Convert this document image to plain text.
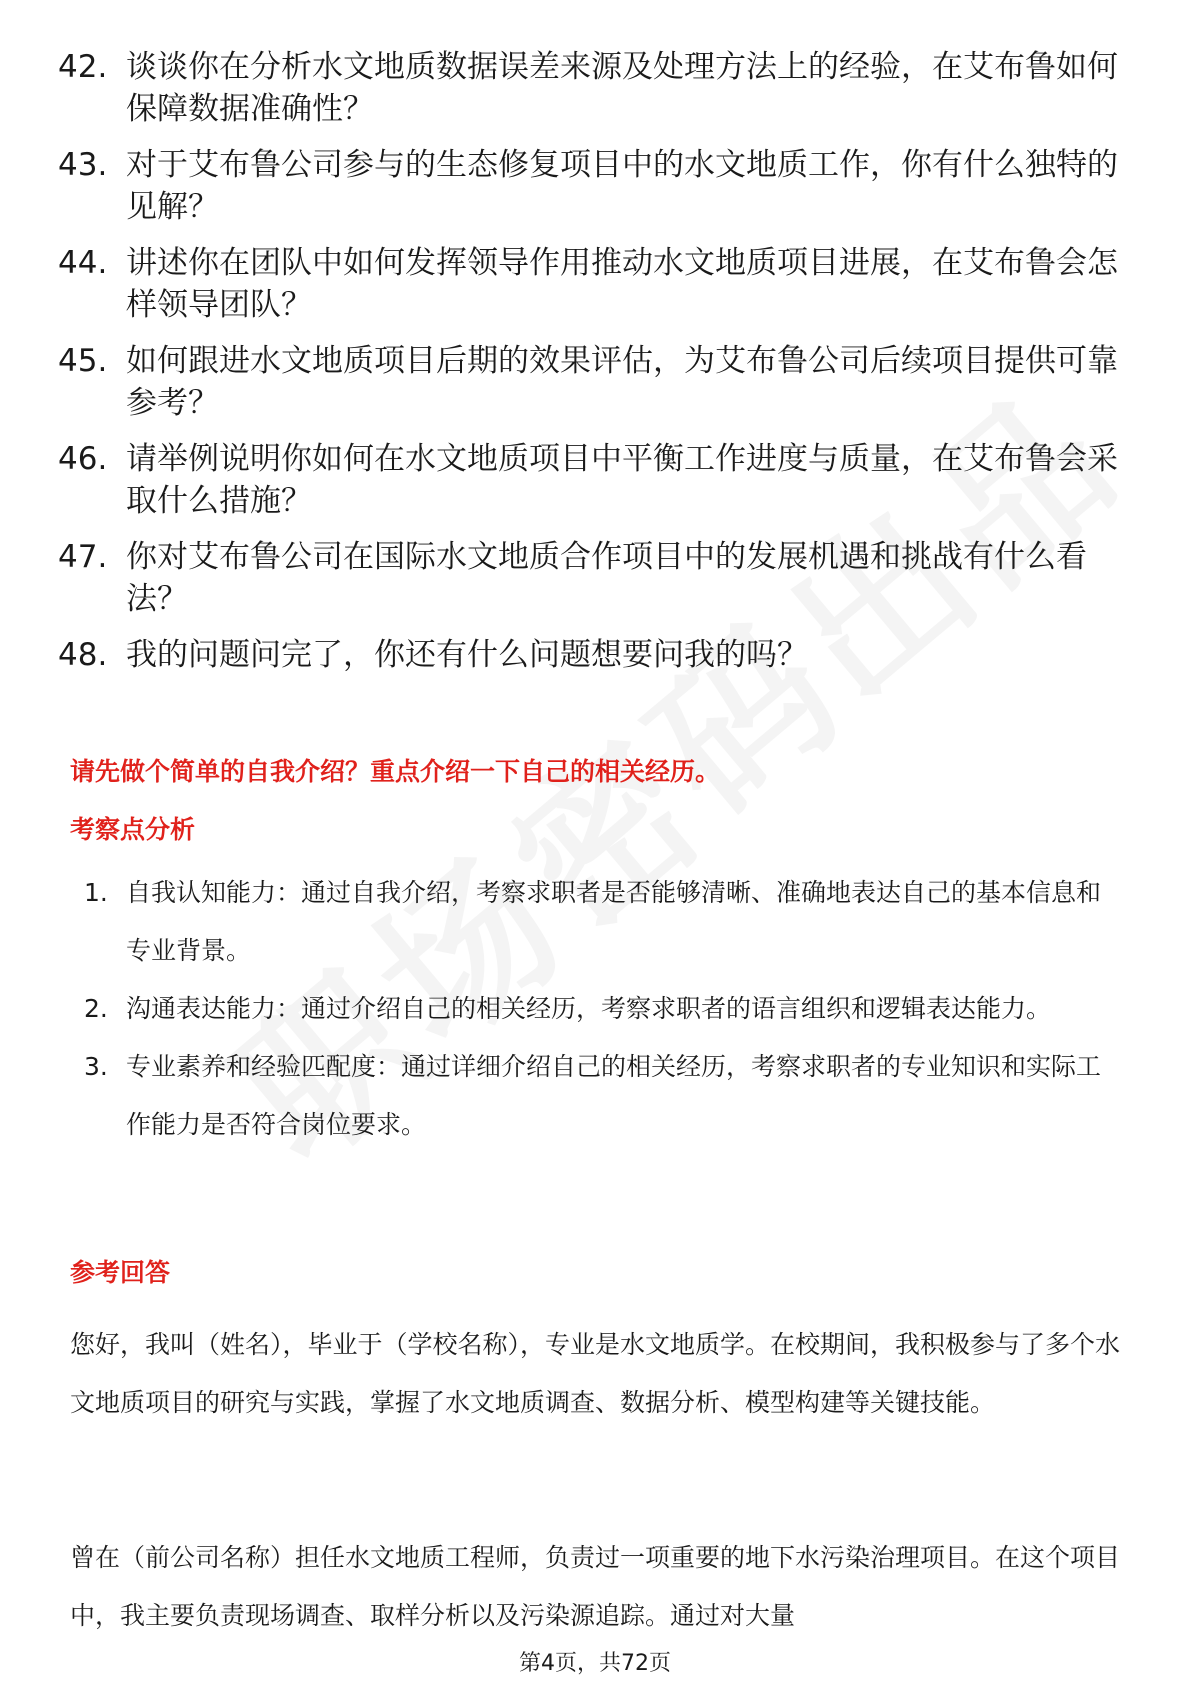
42. 谈谈你在分析水文地质数据误差来源及处理方法上的经验，在艾布鲁如何保障数据准确性？
43. 对于艾布鲁公司参与的生态修复项目中的水文地质工作，你有什么独特的见解？
44. 讲述你在团队中如何发挥领导作用推动水文地质项目进展，在艾布鲁会怎样领导团队？
45. 如何跟进水文地质项目后期的效果评估，为艾布鲁公司后续项目提供可靠参考？
46. 请举例说明你如何在水文地质项目中平衡工作进度与质量，在艾布鲁会采取什么措施？
47. 你对艾布鲁公司在国际水文地质合作项目中的发展机遇和挑战有什么看法？
48. 我的问题问完了，你还有什么问题想要问我的吗？
请先做个简单的自我介绍？重点介绍一下自己的相关经历。
考察点分析
1. 自我认知能力：通过自我介绍，考察求职者是否能够清晰、准确地表达自己的基本信息和专业背景。
2. 沟通表达能力：通过介绍自己的相关经历，考察求职者的语言组织和逻辑表达能力。
3. 专业素养和经验匹配度：通过详细介绍自己的相关经历，考察求职者的专业知识和实际工作能力是否符合岗位要求。
参考回答
您好，我叫（姓名），毕业于（学校名称），专业是水文地质学。在校期间，我积极参与了多个水文地质项目的研究与实践，掌握了水文地质调查、数据分析、模型构建等关键技能。
曾在（前公司名称）担任水文地质工程师，负责过一项重要的地下水污染治理项目。在这个项目中，我主要负责现场调查、取样分析以及污染源追踪。通过对大量
第4页，共72页
